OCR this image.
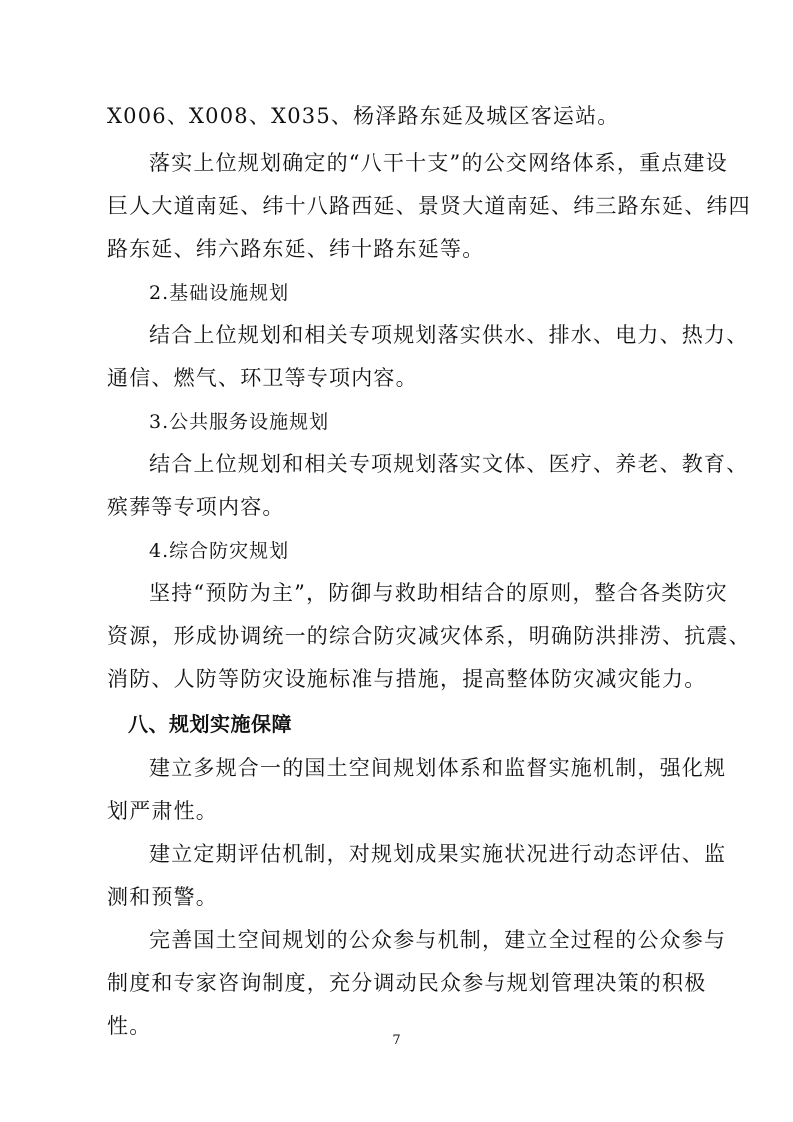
X006、X008、X035、杨泽路东延及城区客运站。
落实上位规划确定的“八干十支”的公交网络体系，重点建设
巨人大道南延、纬十八路西延、景贤大道南延、纬三路东延、纬四
路东延、纬六路东延、纬十路东延等。
2.基础设施规划
结合上位规划和相关专项规划落实供水、排水、电力、热力、
通信、燃气、环卫等专项内容。
3.公共服务设施规划
结合上位规划和相关专项规划落实文体、医疗、养老、教育、
殡葬等专项内容。
4.综合防灾规划
坚持“预防为主”，防御与救助相结合的原则，整合各类防灾
资源，形成协调统一的综合防灾减灾体系，明确防洪排涝、抗震、
消防、人防等防灾设施标准与措施，提高整体防灾减灾能力。
八、规划实施保障
建立多规合一的国土空间规划体系和监督实施机制，强化规
划严肃性。
建立定期评估机制，对规划成果实施状况进行动态评估、监
测和预警。
完善国土空间规划的公众参与机制，建立全过程的公众参与
制度和专家咨询制度，充分调动民众参与规划管理决策的积极
性。
7
